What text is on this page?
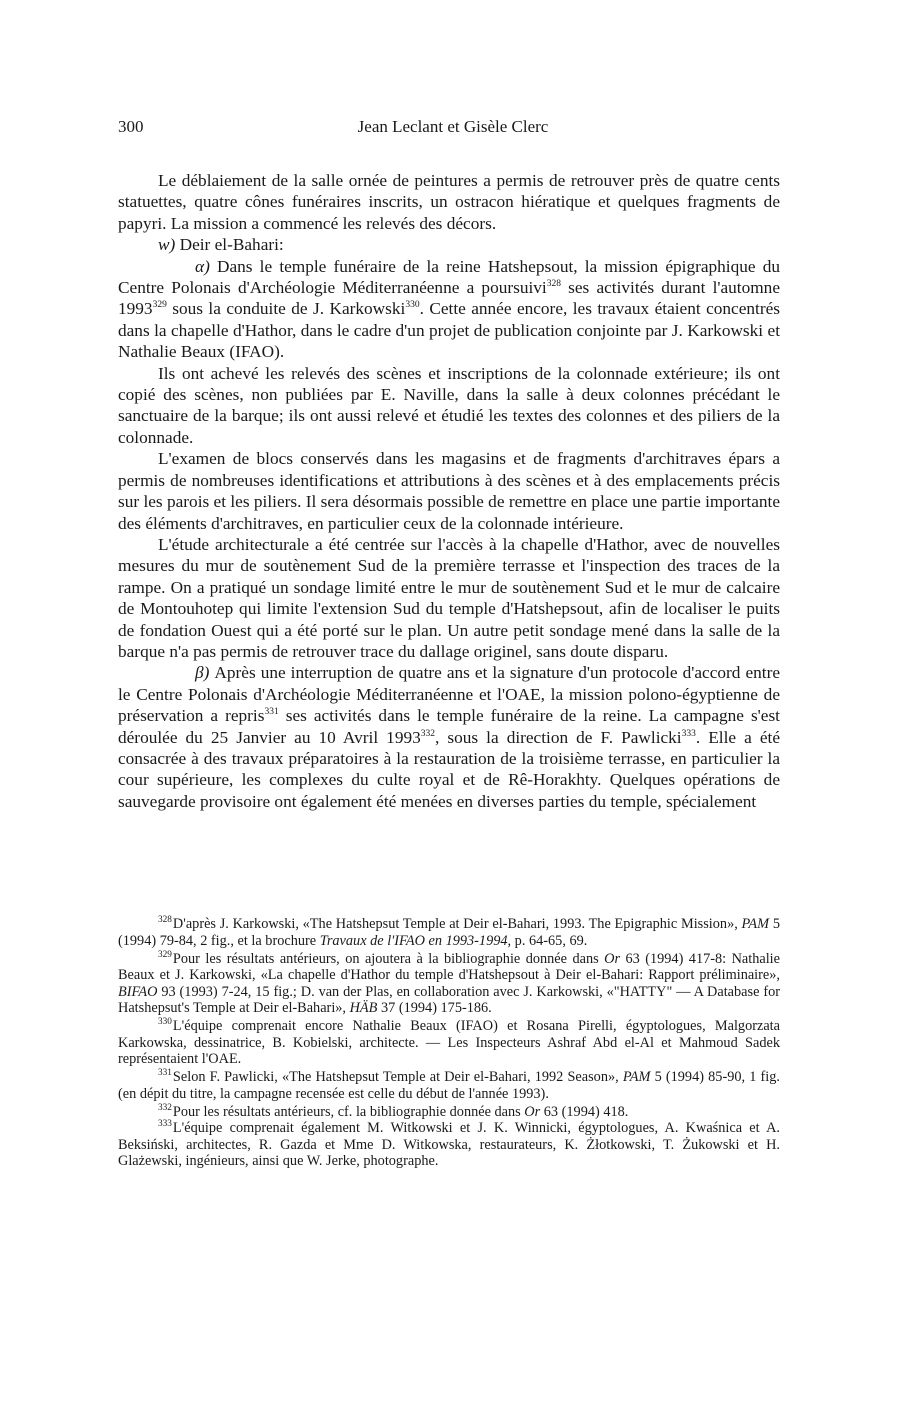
300	Jean Leclant et Gisèle Clerc

Le déblaiement de la salle ornée de peintures a permis de retrouver près de quatre cents statuettes, quatre cônes funéraires inscrits, un ostracon hiératique et quelques fragments de papyri. La mission a commencé les relevés des décors.

w) Deir el-Bahari:

α) Dans le temple funéraire de la reine Hatshepsout, la mission épigraphique du Centre Polonais d'Archéologie Méditerranéenne a poursuivi$^{328}$ ses activités durant l'automne 1993$^{329}$ sous la conduite de J. Karkowski$^{330}$. Cette année encore, les travaux étaient concentrés dans la chapelle d'Hathor, dans le cadre d'un projet de publication conjointe par J. Karkowski et Nathalie Beaux (IFAO).

Ils ont achevé les relevés des scènes et inscriptions de la colonnade extérieure; ils ont copié des scènes, non publiées par E. Naville, dans la salle à deux colonnes précédant le sanctuaire de la barque; ils ont aussi relevé et étudié les textes des colonnes et des piliers de la colonnade.

L'examen de blocs conservés dans les magasins et de fragments d'architraves épars a permis de nombreuses identifications et attributions à des scènes et à des emplacements précis sur les parois et les piliers. Il sera désormais possible de remettre en place une partie importante des éléments d'architraves, en particulier ceux de la colonnade intérieure.

L'étude architecturale a été centrée sur l'accès à la chapelle d'Hathor, avec de nouvelles mesures du mur de soutènement Sud de la première terrasse et l'inspection des traces de la rampe. On a pratiqué un sondage limité entre le mur de soutènement Sud et le mur de calcaire de Montouhotep qui limite l'extension Sud du temple d'Hatshepsout, afin de localiser le puits de fondation Ouest qui a été porté sur le plan. Un autre petit sondage mené dans la salle de la barque n'a pas permis de retrouver trace du dallage originel, sans doute disparu.

β) Après une interruption de quatre ans et la signature d'un protocole d'accord entre le Centre Polonais d'Archéologie Méditerranéenne et l'OAE, la mission polono-égyptienne de préservation a repris$^{331}$ ses activités dans le temple funéraire de la reine. La campagne s'est déroulée du 25 Janvier au 10 Avril 1993$^{332}$, sous la direction de F. Pawlicki$^{333}$. Elle a été consacrée à des travaux préparatoires à la restauration de la troisième terrasse, en particulier la cour supérieure, les complexes du culte royal et de Rê-Horakhty. Quelques opérations de sauvegarde provisoire ont également été menées en diverses parties du temple, spécialement

$^{328}$D'après J. Karkowski, «The Hatshepsut Temple at Deir el-Bahari, 1993. The Epigraphic Mission», PAM 5 (1994) 79-84, 2 fig., et la brochure Travaux de l'IFAO en 1993-1994, p. 64-65, 69.

$^{329}$Pour les résultats antérieurs, on ajoutera à la bibliographie donnée dans Or 63 (1994) 417-8: Nathalie Beaux et J. Karkowski, «La chapelle d'Hathor du temple d'Hatshepsout à Deir el-Bahari: Rapport préliminaire», BIFAO 93 (1993) 7-24, 15 fig.; D. van der Plas, en collaboration avec J. Karkowski, «"HATTY" — A Database for Hatshepsut's Temple at Deir el-Bahari», HÄB 37 (1994) 175-186.

$^{330}$L'équipe comprenait encore Nathalie Beaux (IFAO) et Rosana Pirelli, égyptologues, Malgorzata Karkowska, dessinatrice, B. Kobielski, architecte. — Les Inspecteurs Ashraf Abd el-Al et Mahmoud Sadek représentaient l'OAE.

$^{331}$Selon F. Pawlicki, «The Hatshepsut Temple at Deir el-Bahari, 1992 Season», PAM 5 (1994) 85-90, 1 fig. (en dépit du titre, la campagne recensée est celle du début de l'année 1993).

$^{332}$Pour les résultats antérieurs, cf. la bibliographie donnée dans Or 63 (1994) 418.

$^{333}$L'équipe comprenait également M. Witkowski et J. K. Winnicki, égyptologues, A. Kwaśnica et A. Beksiński, architectes, R. Gazda et Mme D. Witkowska, restaurateurs, K. Żłotkowski, T. Żukowski et H. Glażewski, ingénieurs, ainsi que W. Jerke, photographe.
